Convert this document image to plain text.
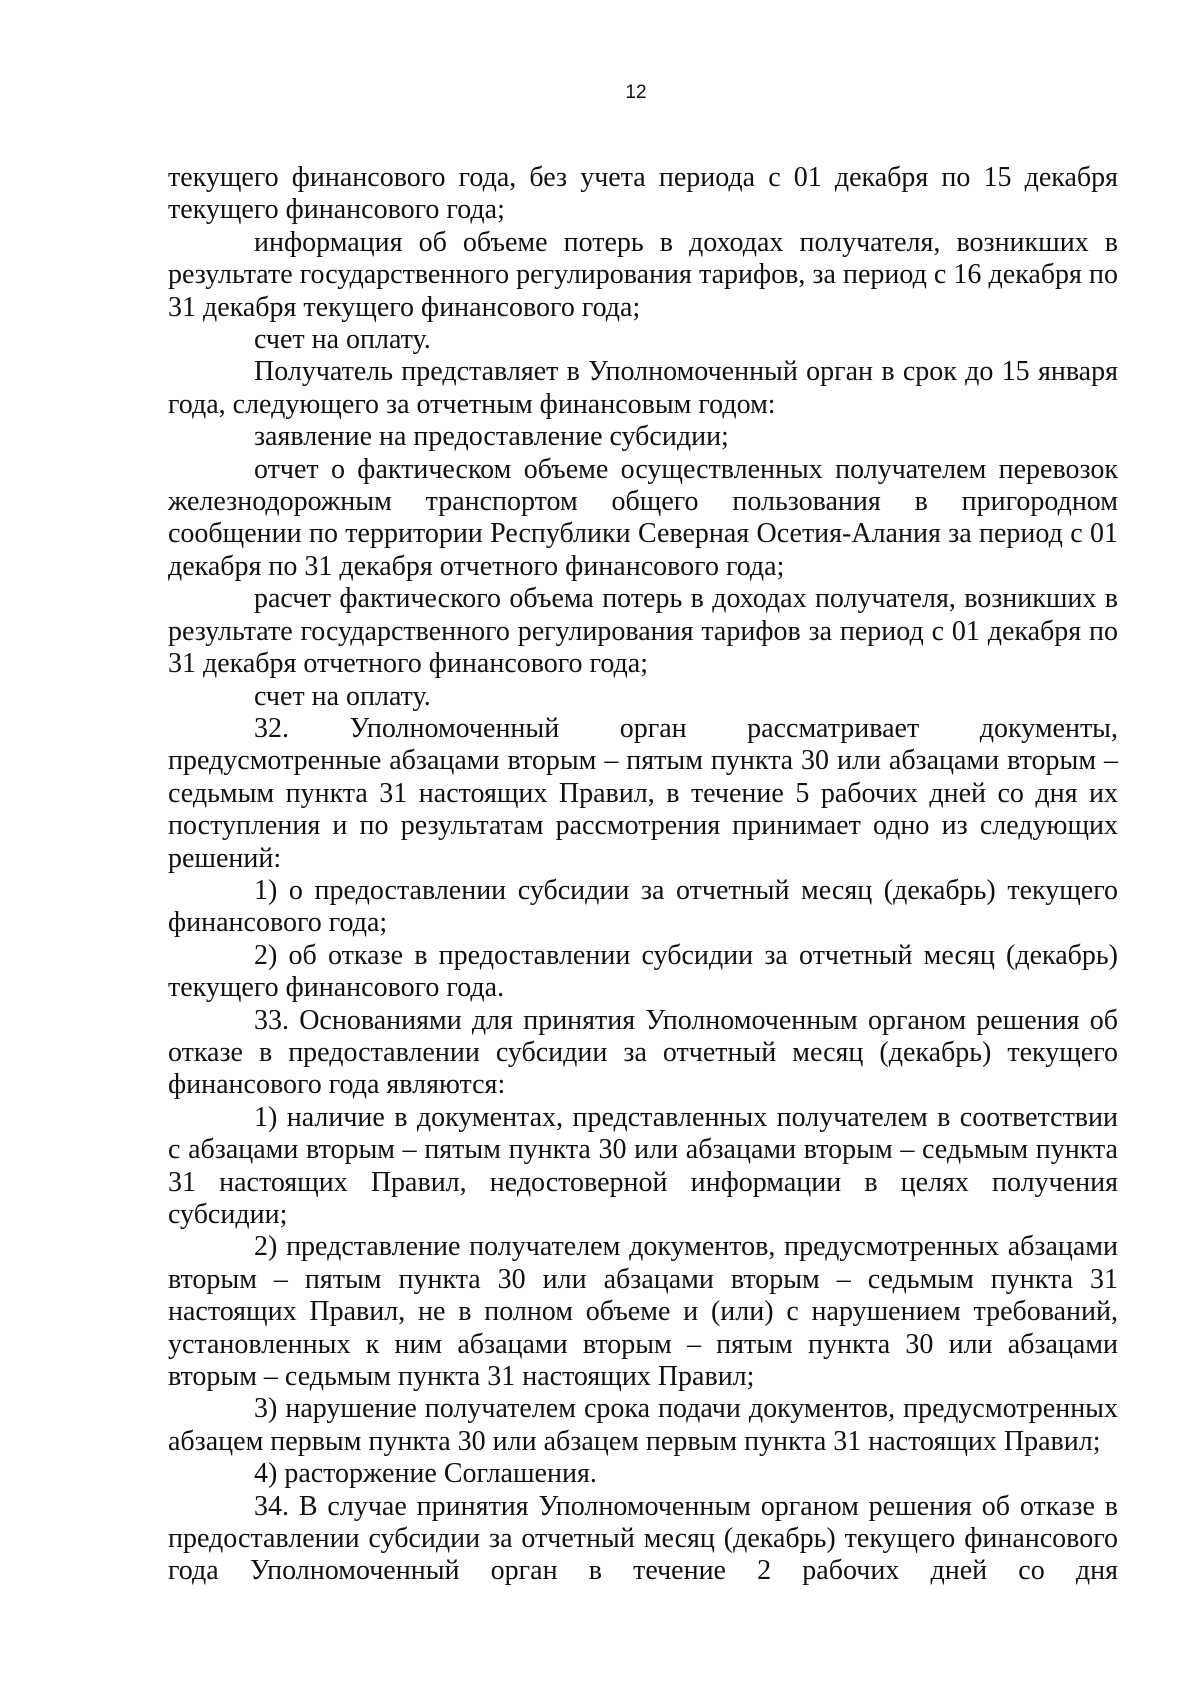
12

текущего финансового года, без учета периода с 01 декабря по 15 декабря текущего финансового года;

информация об объеме потерь в доходах получателя, возникших в результате государственного регулирования тарифов, за период с 16 декабря по 31 декабря текущего финансового года;

счет на оплату.

Получатель представляет в Уполномоченный орган в срок до 15 января года, следующего за отчетным финансовым годом:

заявление на предоставление субсидии;

отчет о фактическом объеме осуществленных получателем перевозок железнодорожным транспортом общего пользования в пригородном сообщении по территории Республики Северная Осетия-Алания за период с 01 декабря по 31 декабря отчетного финансового года;

расчет фактического объема потерь в доходах получателя, возникших в результате государственного регулирования тарифов за период с 01 декабря по 31 декабря отчетного финансового года;

счет на оплату.

32. Уполномоченный орган рассматривает документы, предусмотренные абзацами вторым – пятым пункта 30 или абзацами вторым – седьмым пункта 31 настоящих Правил, в течение 5 рабочих дней со дня их поступления и по результатам рассмотрения принимает одно из следующих решений:

1) о предоставлении субсидии за отчетный месяц (декабрь) текущего финансового года;

2) об отказе в предоставлении субсидии за отчетный месяц (декабрь) текущего финансового года.

33. Основаниями для принятия Уполномоченным органом решения об отказе в предоставлении субсидии за отчетный месяц (декабрь) текущего финансового года являются:

1) наличие в документах, представленных получателем в соответствии с абзацами вторым – пятым пункта 30 или абзацами вторым – седьмым пункта 31 настоящих Правил, недостоверной информации в целях получения субсидии;

2) представление получателем документов, предусмотренных абзацами вторым – пятым пункта 30 или абзацами вторым – седьмым пункта 31 настоящих Правил, не в полном объеме и (или) с нарушением требований, установленных к ним абзацами вторым – пятым пункта 30 или абзацами вторым – седьмым пункта 31 настоящих Правил;

3) нарушение получателем срока подачи документов, предусмотренных абзацем первым пункта 30 или абзацем первым пункта 31 настоящих Правил;

4) расторжение Соглашения.

34. В случае принятия Уполномоченным органом решения об отказе в предоставлении субсидии за отчетный месяц (декабрь) текущего финансового года Уполномоченный орган в течение 2 рабочих дней со дня
